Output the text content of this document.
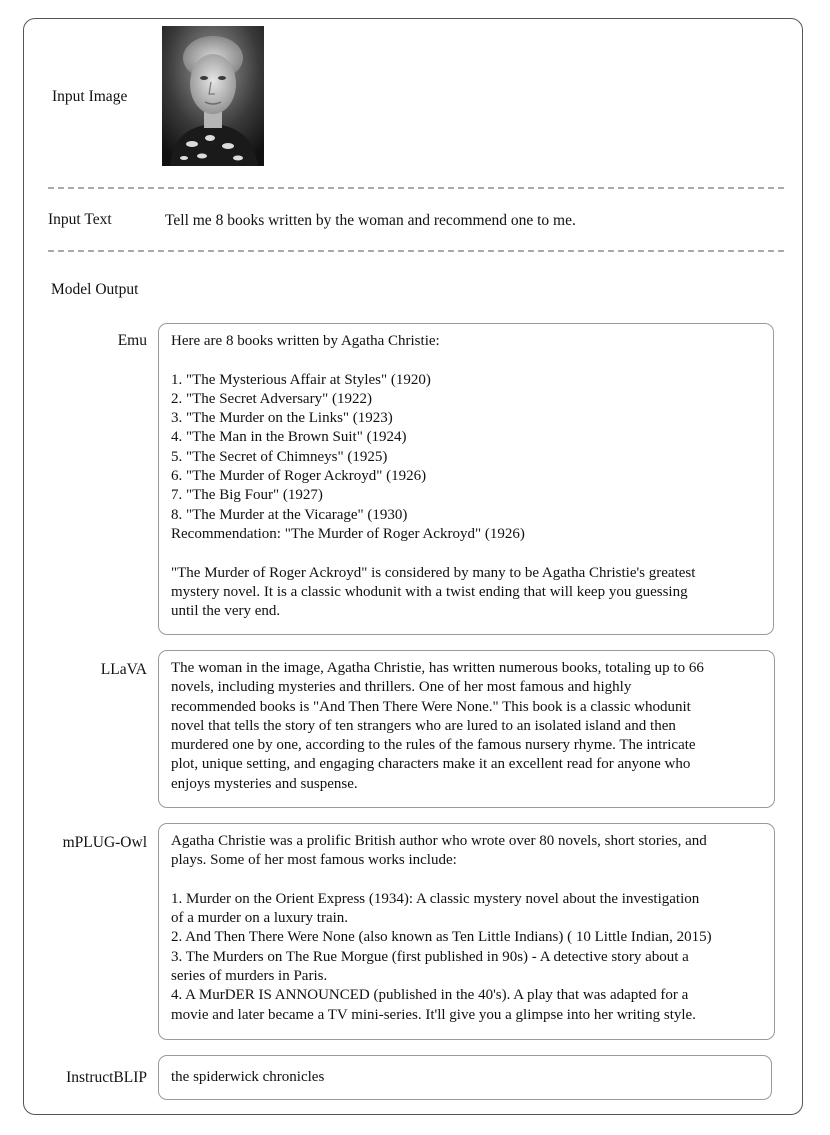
Input Image
Input Text	Tell me 8 books written by the woman and recommend one to me.
Model Output
Emu Here are 8 books written by Agatha Christie:

1. "The Mysterious Affair at Styles" (1920)

2. "The Secret Adversary" (1922)

3. "The Murder on the Links" (1923)

4. "The Man in the Brown Suit" (1924)

5. "The Secret of Chimneys" (1925)

6. "The Murder of Roger Ackroyd" (1926)

7. "The Big Four" (1927)

8. "The Murder at the Vicarage" (1930)

Recommendation: "The Murder of Roger Ackroyd" (1926)

"The Murder of Roger Ackroyd" is considered by many to be Agatha Christie's greatest

mystery novel. It is a classic whodunit with a twist ending that will keep you guessing

until the very end.

LLaVA The woman in the image, Agatha Christie, has written numerous books, totaling up to 66

novels, including mysteries and thrillers. One of her most famous and highly

recommended books is "And Then There Were None." This book is a classic whodunit

novel that tells the story of ten strangers who are lured to an isolated island and then

murdered one by one, according to the rules of the famous nursery rhyme. The intricate

plot, unique setting, and engaging characters make it an excellent read for anyone who

enjoys mysteries and suspense.

mPLUG-Owl Agatha Christie was a prolific British author who wrote over 80 novels, short stories, and

plays. Some of her most famous works include:

1. Murder on the Orient Express (1934): A classic mystery novel about the investigation

of a murder on a luxury train.

2. And Then There Were None (also known as Ten Little Indians) ( 10 Little Indian, 2015)

3. The Murders on The Rue Morgue (first published in 90s) - A detective story about a

series of murders in Paris.

4. A MurDER IS ANNOUNCED (published in the 40's). A play that was adapted for a

movie and later became a TV mini-series. It'll give you a glimpse into her writing style.

InstructBLIP the spiderwick chronicles
